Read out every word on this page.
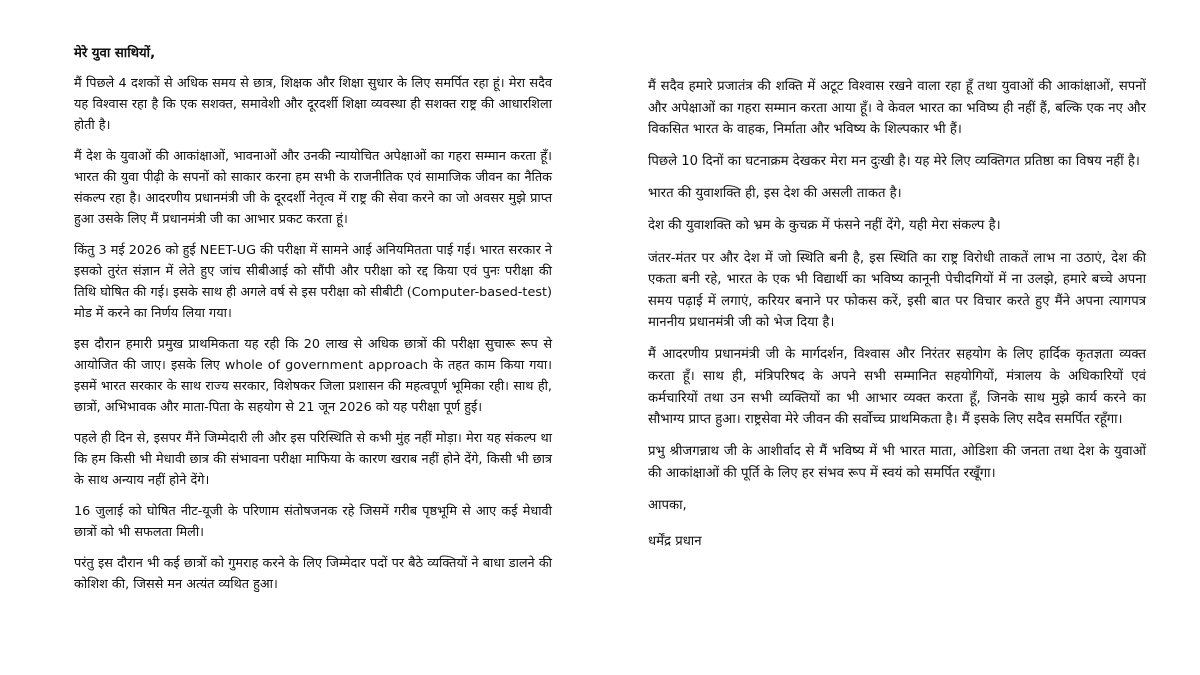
मेरे युवा साथियों,

मैं पिछले 4 दशकों से अधिक समय से छात्र, शिक्षक और शिक्षा सुधार के लिए समर्पित रहा हूं। मेरा सदैव यह विश्वास रहा है कि एक सशक्त, समावेशी और दूरदर्शी शिक्षा व्यवस्था ही सशक्त राष्ट्र की आधारशिला होती है।

मैं देश के युवाओं की आकांक्षाओं, भावनाओं और उनकी न्यायोचित अपेक्षाओं का गहरा सम्मान करता हूँ। भारत की युवा पीढ़ी के सपनों को साकार करना हम सभी के राजनीतिक एवं सामाजिक जीवन का नैतिक संकल्प रहा है। आदरणीय प्रधानमंत्री जी के दूरदर्शी नेतृत्व में राष्ट्र की सेवा करने का जो अवसर मुझे प्राप्त हुआ उसके लिए मैं प्रधानमंत्री जी का आभार प्रकट करता हूं।

किंतु 3 मई 2026 को हुई NEET-UG की परीक्षा में सामने आई अनियमितता पाई गई। भारत सरकार ने इसको तुरंत संज्ञान में लेते हुए जांच सीबीआई को सौंपी और परीक्षा को रद्द किया एवं पुनः परीक्षा की तिथि घोषित की गई। इसके साथ ही अगले वर्ष से इस परीक्षा को सीबीटी (Computer-based-test) मोड में करने का निर्णय लिया गया।

इस दौरान हमारी प्रमुख प्राथमिकता यह रही कि 20 लाख से अधिक छात्रों की परीक्षा सुचारू रूप से आयोजित की जाए। इसके लिए whole of government approach के तहत काम किया गया। इसमें भारत सरकार के साथ राज्य सरकार, विशेषकर जिला प्रशासन की महत्वपूर्ण भूमिका रही। साथ ही, छात्रों, अभिभावक और माता-पिता के सहयोग से 21 जून 2026 को यह परीक्षा पूर्ण हुई।

पहले ही दिन से, इसपर मैंने जिम्मेदारी ली और इस परिस्थिति से कभी मुंह नहीं मोड़ा। मेरा यह संकल्प था कि हम किसी भी मेधावी छात्र की संभावना परीक्षा माफिया के कारण खराब नहीं होने देंगे, किसी भी छात्र के साथ अन्याय नहीं होने देंगे।

16 जुलाई को घोषित नीट-यूजी के परिणाम संतोषजनक रहे जिसमें गरीब पृष्ठभूमि से आए कई मेधावी छात्रों को भी सफलता मिली।

परंतु इस दौरान भी कई छात्रों को गुमराह करने के लिए जिम्मेदार पदों पर बैठे व्यक्तियों ने बाधा डालने की कोशिश की, जिससे मन अत्यंत व्यथित हुआ।

मैं सदैव हमारे प्रजातंत्र की शक्ति में अटूट विश्वास रखने वाला रहा हूँ तथा युवाओं की आकांक्षाओं, सपनों और अपेक्षाओं का गहरा सम्मान करता आया हूँ। वे केवल भारत का भविष्य ही नहीं हैं, बल्कि एक नए और विकसित भारत के वाहक, निर्माता और भविष्य के शिल्पकार भी हैं।

पिछले 10 दिनों का घटनाक्रम देखकर मेरा मन दुःखी है। यह मेरे लिए व्यक्तिगत प्रतिष्ठा का विषय नहीं है।

भारत की युवाशक्ति ही, इस देश की असली ताकत है।

देश की युवाशक्ति को भ्रम के कुचक्र में फंसने नहीं देंगे, यही मेरा संकल्प है।

जंतर-मंतर पर और देश में जो स्थिति बनी है, इस स्थिति का राष्ट्र विरोधी ताकतें लाभ ना उठाएं, देश की एकता बनी रहे, भारत के एक भी विद्यार्थी का भविष्य कानूनी पेचीदगियों में ना उलझे, हमारे बच्चे अपना समय पढ़ाई में लगाएं, करियर बनाने पर फोकस करें, इसी बात पर विचार करते हुए मैंने अपना त्यागपत्र माननीय प्रधानमंत्री जी को भेज दिया है।

मैं आदरणीय प्रधानमंत्री जी के मार्गदर्शन, विश्वास और निरंतर सहयोग के लिए हार्दिक कृतज्ञता व्यक्त करता हूँ। साथ ही, मंत्रिपरिषद के अपने सभी सम्मानित सहयोगियों, मंत्रालय के अधिकारियों एवं कर्मचारियों तथा उन सभी व्यक्तियों का भी आभार व्यक्त करता हूँ, जिनके साथ मुझे कार्य करने का सौभाग्य प्राप्त हुआ। राष्ट्रसेवा मेरे जीवन की सर्वोच्च प्राथमिकता है। मैं इसके लिए सदैव समर्पित रहूँगा।

प्रभु श्रीजगन्नाथ जी के आशीर्वाद से मैं भविष्य में भी भारत माता, ओडिशा की जनता तथा देश के युवाओं की आकांक्षाओं की पूर्ति के लिए हर संभव रूप में स्वयं को समर्पित रखूँगा।

आपका,
धर्मेंद्र प्रधान
